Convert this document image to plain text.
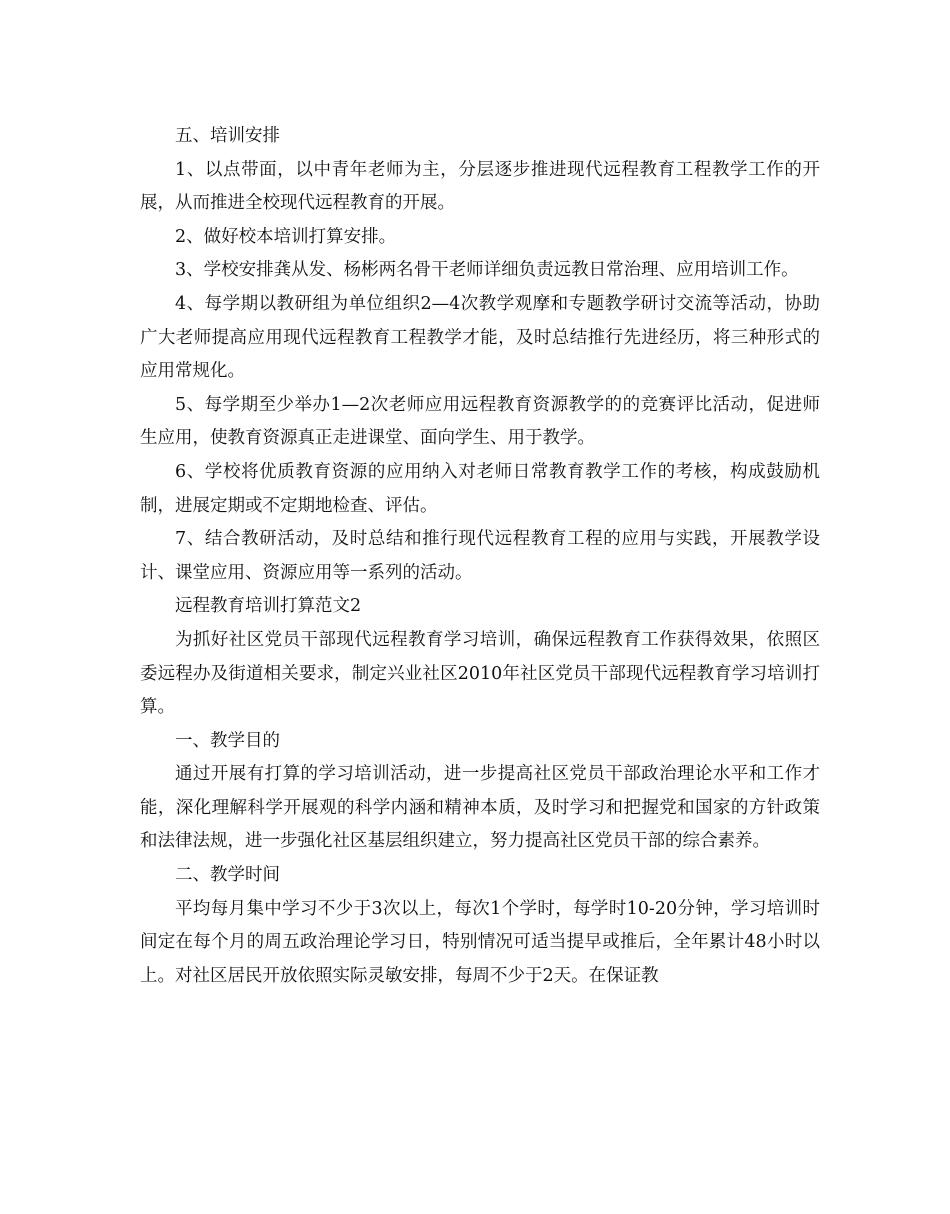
五、培训安排

1、以点带面，以中青年老师为主，分层逐步推进现代远程教育工程教学工作的开展，从而推进全校现代远程教育的开展。

2、做好校本培训打算安排。

3、学校安排龚从发、杨彬两名骨干老师详细负责远教日常治理、应用培训工作。

4、每学期以教研组为单位组织2—4次教学观摩和专题教学研讨交流等活动，协助广大老师提高应用现代远程教育工程教学才能，及时总结推行先进经历，将三种形式的应用常规化。

5、每学期至少举办1—2次老师应用远程教育资源教学的的竞赛评比活动，促进师生应用，使教育资源真正走进课堂、面向学生、用于教学。

6、学校将优质教育资源的应用纳入对老师日常教育教学工作的考核，构成鼓励机制，进展定期或不定期地检查、评估。

7、结合教研活动，及时总结和推行现代远程教育工程的应用与实践，开展教学设计、课堂应用、资源应用等一系列的活动。

远程教育培训打算范文2

为抓好社区党员干部现代远程教育学习培训，确保远程教育工作获得效果，依照区委远程办及街道相关要求，制定兴业社区2010年社区党员干部现代远程教育学习培训打算。

一、教学目的

通过开展有打算的学习培训活动，进一步提高社区党员干部政治理论水平和工作才能，深化理解科学开展观的科学内涵和精神本质，及时学习和把握党和国家的方针政策和法律法规，进一步强化社区基层组织建立，努力提高社区党员干部的综合素养。

二、教学时间

平均每月集中学习不少于3次以上，每次1个学时，每学时10-20分钟，学习培训时间定在每个月的周五政治理论学习日，特别情况可适当提早或推后，全年累计48小时以上。对社区居民开放依照实际灵敏安排，每周不少于2天。在保证教
